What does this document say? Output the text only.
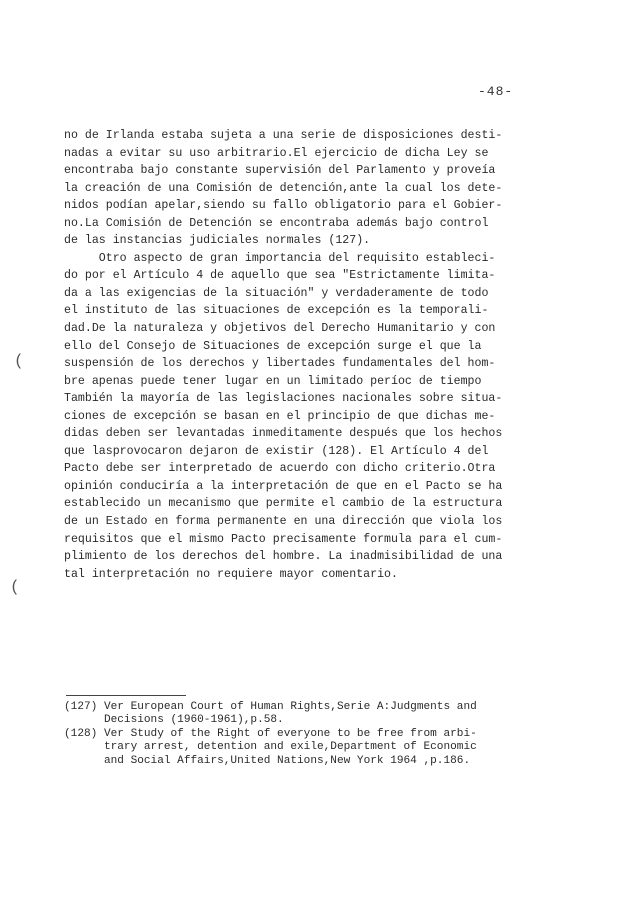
-48-
(
(
no de Irlanda estaba sujeta a una serie de disposiciones desti-
nadas a evitar su uso arbitrario.El ejercicio de dicha Ley se
encontraba bajo constante supervisión del Parlamento y proveía
la creación de una Comisión de detención,ante la cual los dete-
nidos podían apelar,siendo su fallo obligatorio para el Gobier-
no.La Comisión de Detención se encontraba además bajo control
de las instancias judiciales normales (127).
Otro aspecto de gran importancia del requisito estableci-
do por el Artículo 4 de aquello que sea "Estrictamente limita-
da a las exigencias de la situación" y verdaderamente de todo
el instituto de las situaciones de excepción es la temporali-
dad.De la naturaleza y objetivos del Derecho Humanitario y con
ello del Consejo de Situaciones de excepción surge el que la
suspensión de los derechos y libertades fundamentales del hom-
bre apenas puede tener lugar en un limitado períoc de tiempo
También la mayoría de las legislaciones nacionales sobre situa-
ciones de excepción se basan en el principio de que dichas me-
didas deben ser levantadas inmeditamente después que los hechos
que lasprovocaron dejaron de existir (128). El Artículo 4 del
Pacto debe ser interpretado de acuerdo con dicho criterio.Otra
opinión conduciría a la interpretación de que en el Pacto se ha
establecido un mecanismo que permite el cambio de la estructura
de un Estado en forma permanente en una dirección que viola los
requisitos que el mismo Pacto precisamente formula para el cum-
plimiento de los derechos del hombre. La inadmisibilidad de una
tal interpretación no requiere mayor comentario.
(127) Ver European Court of Human Rights,Serie A:Judgments and
Decisions (1960-1961),p.58.
(128) Ver Study of the Right of everyone to be free from arbi-
trary arrest, detention and exile,Department of Economic
and Social Affairs,United Nations,New York 1964 ,p.186.
